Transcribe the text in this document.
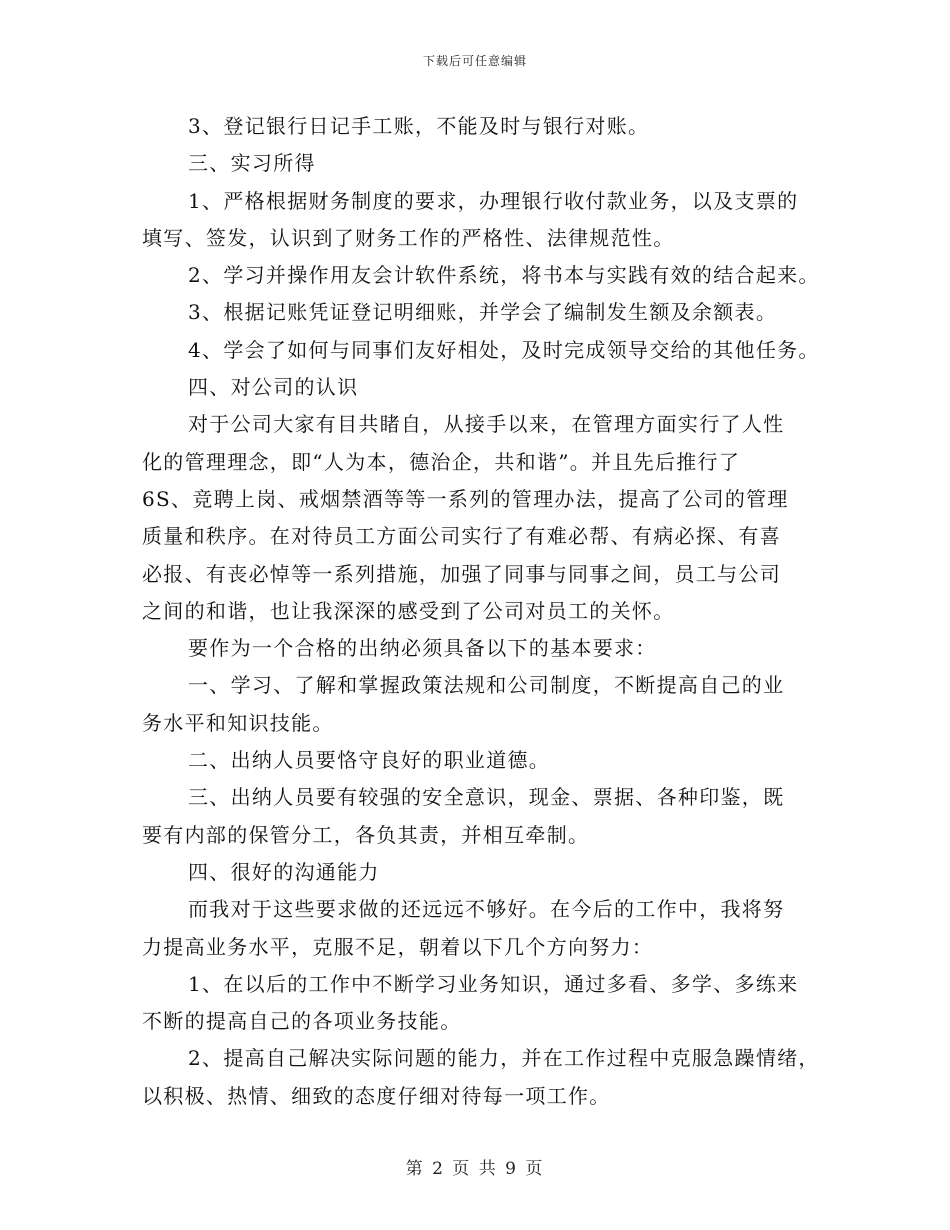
下载后可任意编辑
3、登记银行日记手工账，不能及时与银行对账。
三、实习所得
1、严格根据财务制度的要求，办理银行收付款业务，以及支票的
填写、签发，认识到了财务工作的严格性、法律规范性。
2、学习并操作用友会计软件系统，将书本与实践有效的结合起来。
3、根据记账凭证登记明细账，并学会了编制发生额及余额表。
4、学会了如何与同事们友好相处，及时完成领导交给的其他任务。
四、对公司的认识
对于公司大家有目共睹自，从接手以来，在管理方面实行了人性
化的管理理念，即“人为本，德治企，共和谐”。并且先后推行了
6S、竞聘上岗、戒烟禁酒等等一系列的管理办法，提高了公司的管理
质量和秩序。在对待员工方面公司实行了有难必帮、有病必探、有喜
必报、有丧必悼等一系列措施，加强了同事与同事之间，员工与公司
之间的和谐，也让我深深的感受到了公司对员工的关怀。
要作为一个合格的出纳必须具备以下的基本要求：
一、学习、了解和掌握政策法规和公司制度，不断提高自己的业
务水平和知识技能。
二、出纳人员要恪守良好的职业道德。
三、出纳人员要有较强的安全意识，现金、票据、各种印鉴，既
要有内部的保管分工，各负其责，并相互牵制。
四、很好的沟通能力
而我对于这些要求做的还远远不够好。在今后的工作中，我将努
力提高业务水平，克服不足，朝着以下几个方向努力：
1、在以后的工作中不断学习业务知识，通过多看、多学、多练来
不断的提高自己的各项业务技能。
2、提高自己解决实际问题的能力，并在工作过程中克服急躁情绪，
以积极、热情、细致的态度仔细对待每一项工作。
第 2 页 共 9 页
